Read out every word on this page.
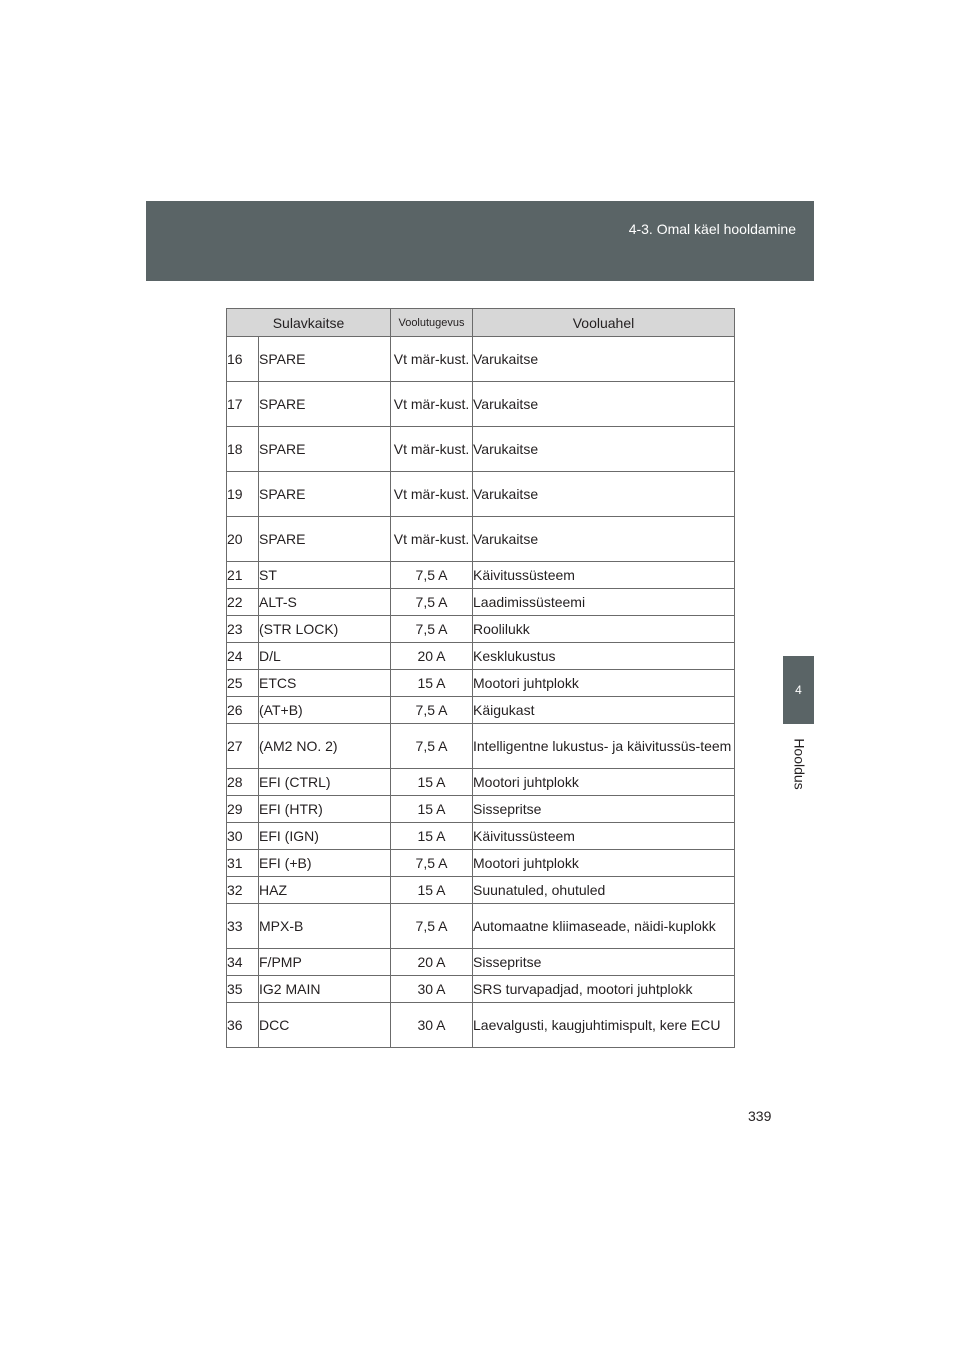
4-3. Omal käel hooldamine
4
Hooldus
Sulavkaitse		Voolutugevus	Vooluahel
16	SPARE	Vt mär-kust.	Varukaitse
17	SPARE	Vt mär-kust.	Varukaitse
18	SPARE	Vt mär-kust.	Varukaitse
19	SPARE	Vt mär-kust.	Varukaitse
20	SPARE	Vt mär-kust.	Varukaitse
21	ST	7,5 A	Käivitussüsteem
22	ALT-S	7,5 A	Laadimissüsteemi
23	(STR LOCK)	7,5 A	Roolilukk
24	D/L	20 A	Kesklukustus
25	ETCS	15 A	Mootori juhtplokk
26	(AT+B)	7,5 A	Käigukast
27	(AM2 NO. 2)	7,5 A	Intelligentne lukustus- ja käivitussüs-teem
28	EFI (CTRL)	15 A	Mootori juhtplokk
29	EFI (HTR)	15 A	Sissepritse
30	EFI (IGN)	15 A	Käivitussüsteem
31	EFI (+B)	7,5 A	Mootori juhtplokk
32	HAZ	15 A	Suunatuled, ohutuled
33	MPX-B	7,5 A	Automaatne kliimaseade, näidi-kuplokk
34	F/PMP	20 A	Sissepritse
35	IG2 MAIN	30 A	SRS turvapadjad, mootori juhtplokk
36	DCC	30 A	Laevalgusti, kaugjuhtimispult, kere ECU
339
